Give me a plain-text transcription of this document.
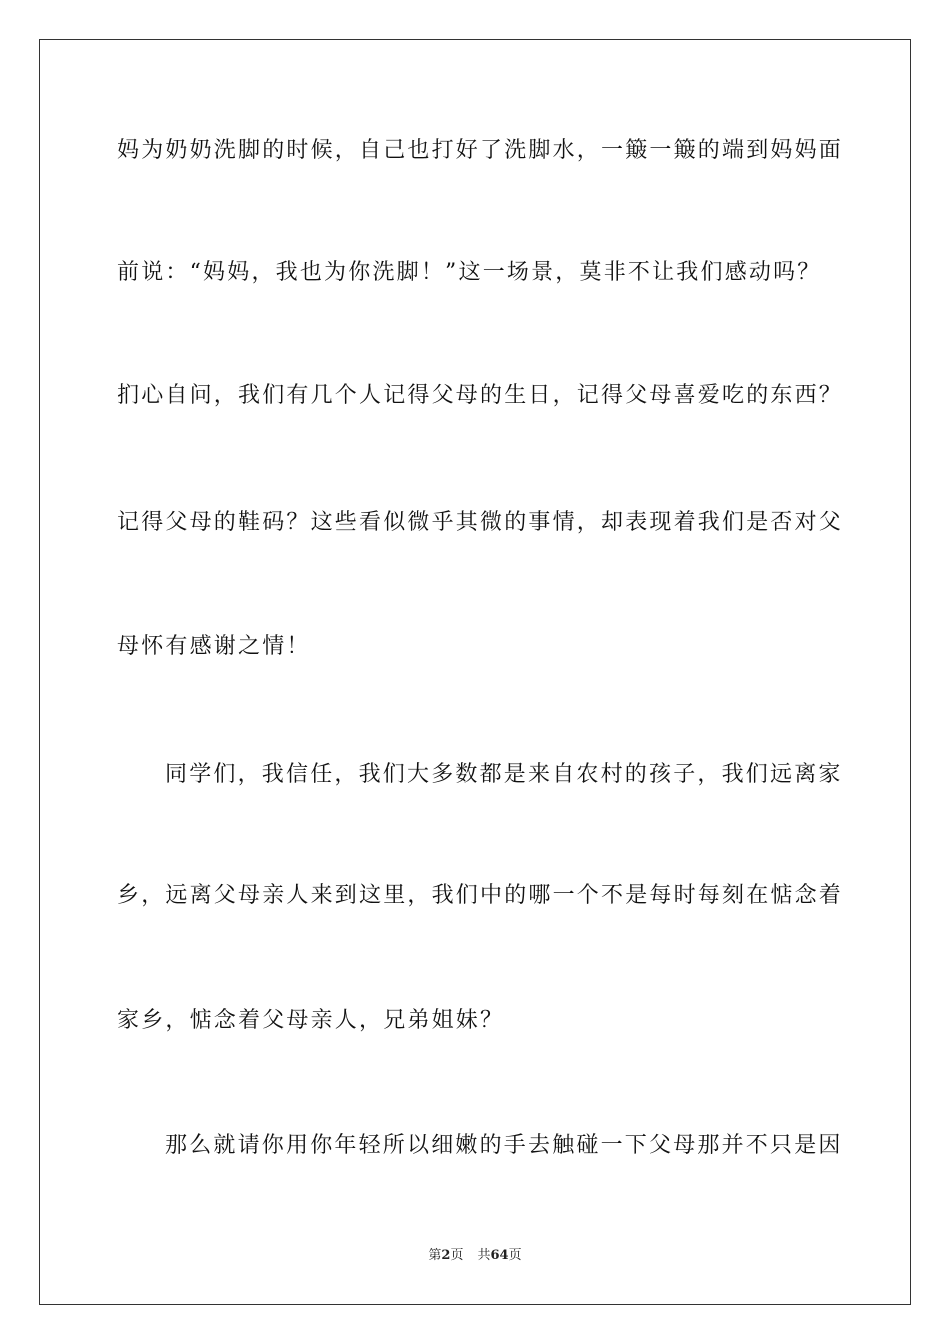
妈为奶奶洗脚的时候，自己也打好了洗脚水，一簸一簸的端到妈妈面
前说：“妈妈，我也为你洗脚！”这一场景，莫非不让我们感动吗？
扪心自问，我们有几个人记得父母的生日，记得父母喜爱吃的东西？
记得父母的鞋码？这些看似微乎其微的事情，却表现着我们是否对父
母怀有感谢之情！
同学们，我信任，我们大多数都是来自农村的孩子，我们远离家
乡，远离父母亲人来到这里，我们中的哪一个不是每时每刻在惦念着
家乡，惦念着父母亲人，兄弟姐妹？
那么就请你用你年轻所以细嫩的手去触碰一下父母那并不只是因
第2页 共64页
